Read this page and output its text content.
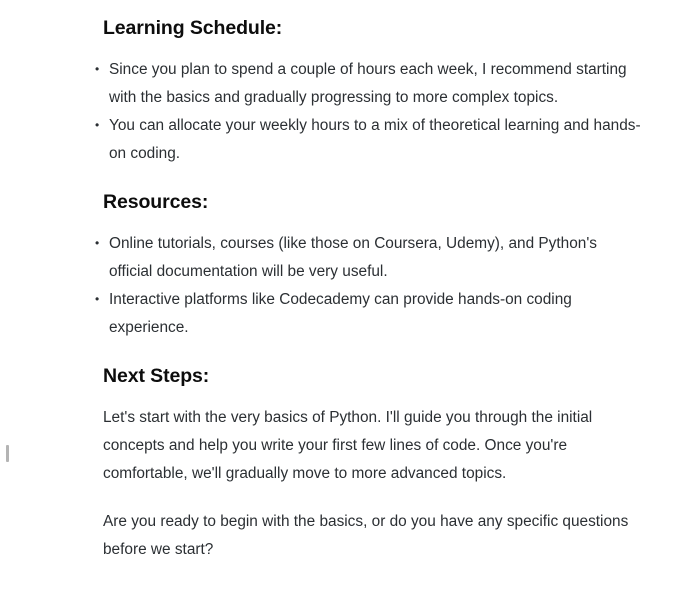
Learning Schedule:
• Since you plan to spend a couple of hours each week, I recommend starting with the basics and gradually progressing to more complex topics.
• You can allocate your weekly hours to a mix of theoretical learning and hands-on coding.
Resources:
• Online tutorials, courses (like those on Coursera, Udemy), and Python's official documentation will be very useful.
• Interactive platforms like Codecademy can provide hands-on coding experience.
Next Steps:

Let's start with the very basics of Python. I'll guide you through the initial concepts and help you write your first few lines of code. Once you're comfortable, we'll gradually move to more advanced topics.

Are you ready to begin with the basics, or do you have any specific questions before we start?
